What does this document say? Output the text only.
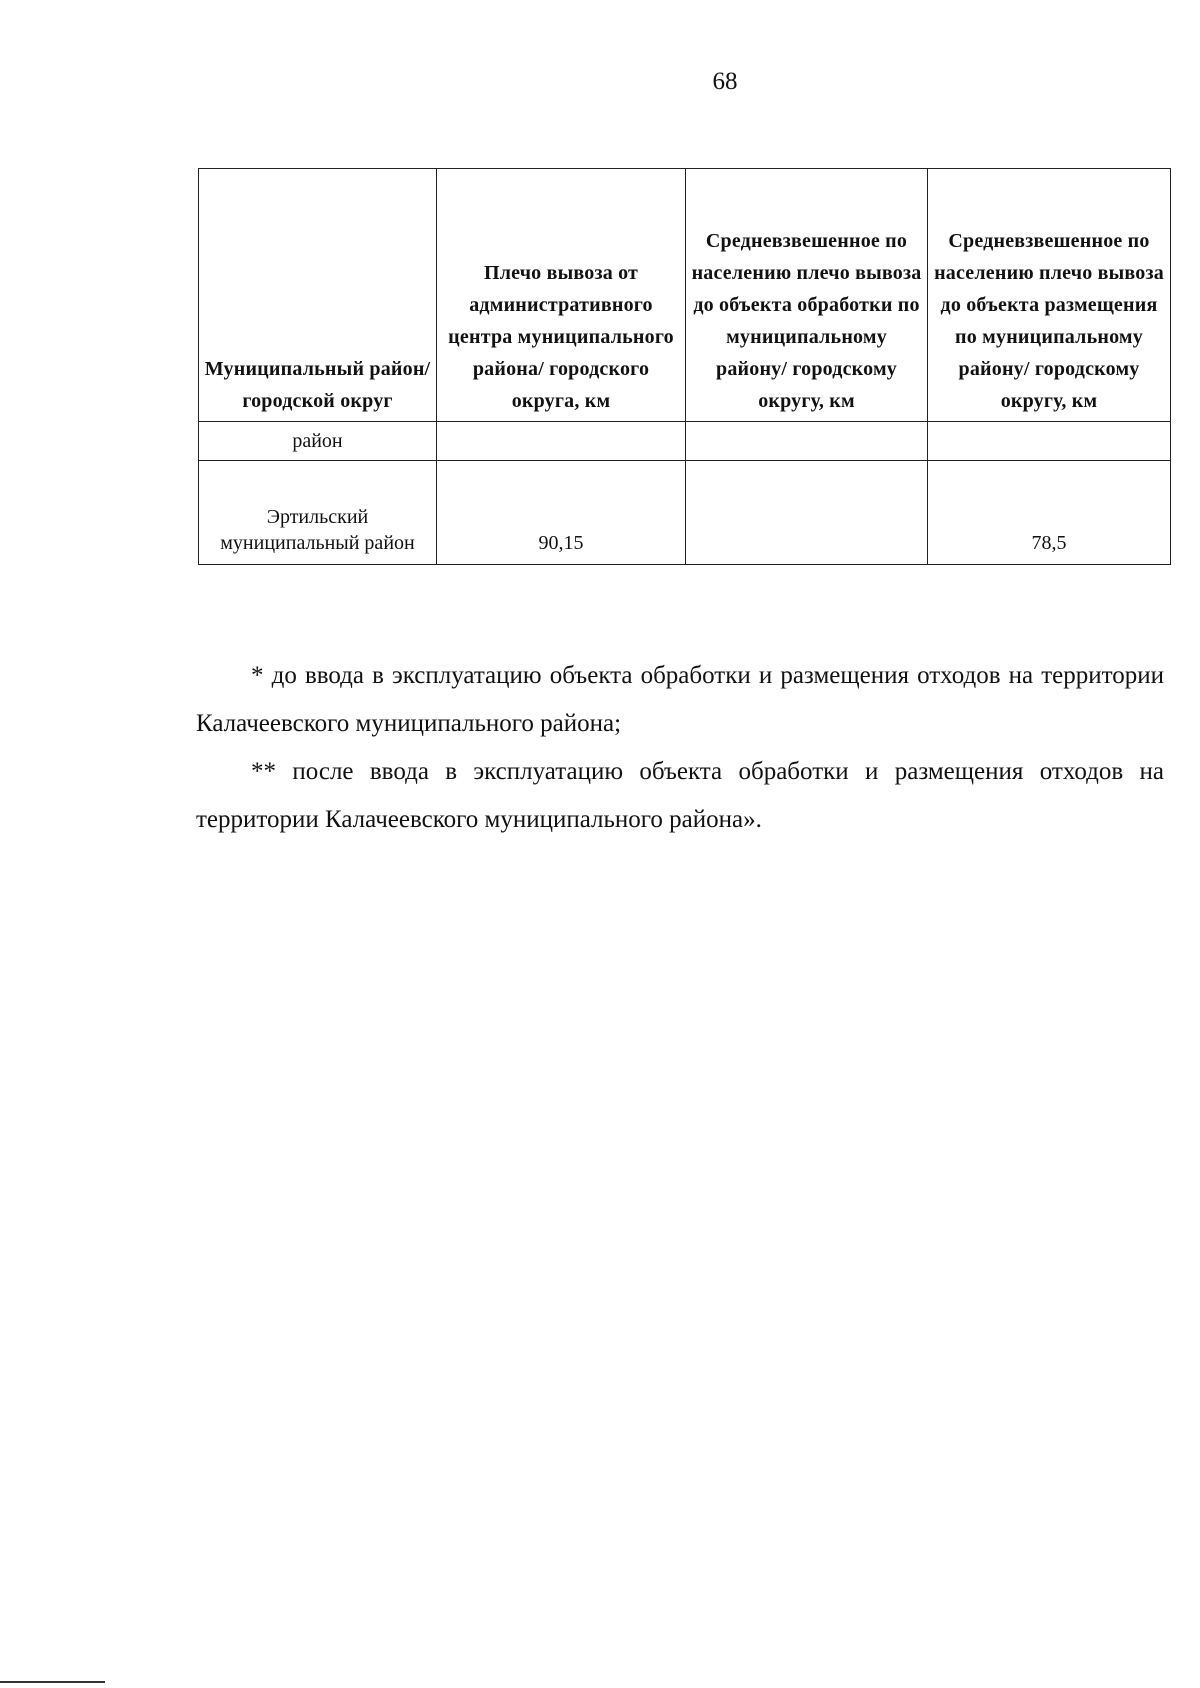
68
Муниципальный район/ городской округ	Плечо вывоза от административного центра муниципального района/ городского округа, км	Средневзвешенное по населению плечо вывоза до объекта обработки по муниципальному району/ городскому округу, км	Средневзвешенное по населению плечо вывоза до объекта размещения по муниципальному району/ городскому округу, км
район			
Эртильский муниципальный район	90,15		78,5

* до ввода в эксплуатацию объекта обработки и размещения отходов на территории Калачеевского муниципального района;

** после ввода в эксплуатацию объекта обработки и размещения отходов на территории Калачеевского муниципального района».
